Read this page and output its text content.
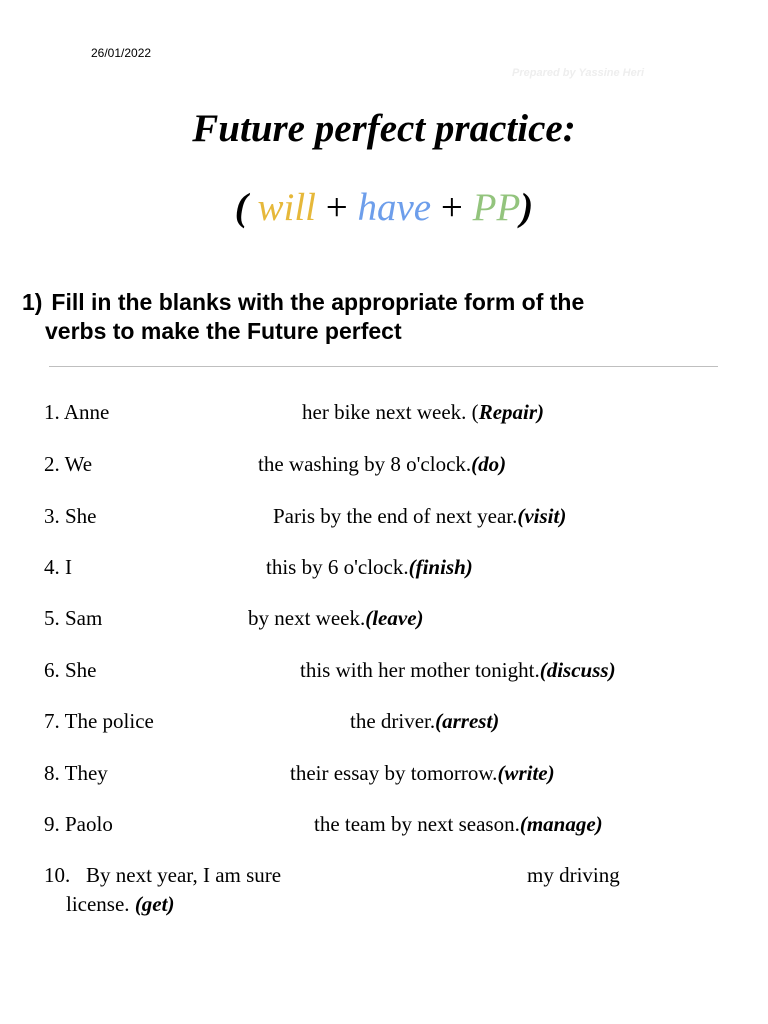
26/01/2022
Prepared by Yassine Heri
Future perfect practice:
( will + have + PP)
1) Fill in the blanks with the appropriate form of the
verbs to make the Future perfect
1. Anne	her bike next week. (Repair)
2. We	the washing by 8 o'clock.(do)
3. She	Paris by the end of next year.(visit)
4. I	this by 6 o'clock.(finish)
5. Sam	by next week.(leave)
6. She	this with her mother tonight.(discuss)
7. The police	the driver.(arrest)
8. They	their essay by tomorrow.(write)
9. Paolo	the team by next season.(manage)
10. By next year, I am sure	my driving
license. (get)
